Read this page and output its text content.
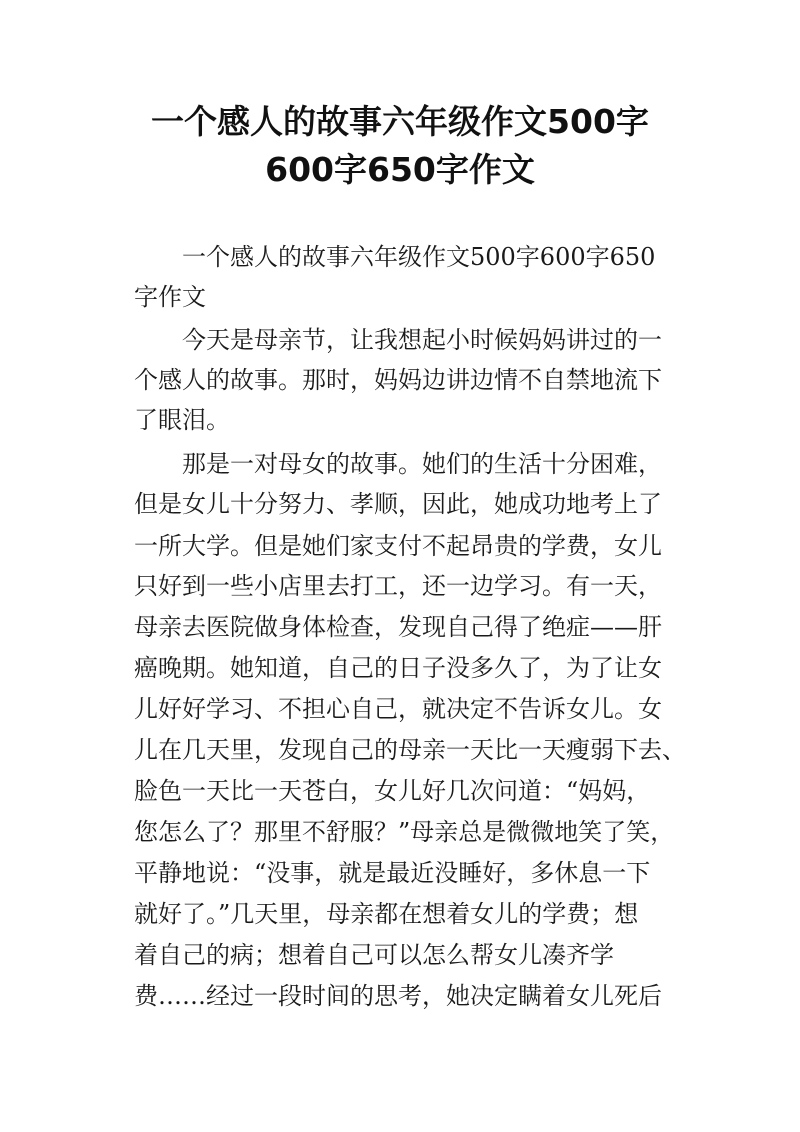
一个感人的故事六年级作文500字
600字650字作文
一个感人的故事六年级作文500字600字650
字作文
今天是母亲节，让我想起小时候妈妈讲过的一
个感人的故事。那时，妈妈边讲边情不自禁地流下
了眼泪。
那是一对母女的故事。她们的生活十分困难，
但是女儿十分努力、孝顺，因此，她成功地考上了
一所大学。但是她们家支付不起昂贵的学费，女儿
只好到一些小店里去打工，还一边学习。有一天，
母亲去医院做身体检查，发现自己得了绝症——肝
癌晚期。她知道，自己的日子没多久了，为了让女
儿好好学习、不担心自己，就决定不告诉女儿。女
儿在几天里，发现自己的母亲一天比一天瘦弱下去、
脸色一天比一天苍白，女儿好几次问道：“妈妈，
您怎么了？那里不舒服？”母亲总是微微地笑了笑，
平静地说：“没事，就是最近没睡好，多休息一下
就好了。”几天里，母亲都在想着女儿的学费；想
着自己的病；想着自己可以怎么帮女儿凑齐学
费……经过一段时间的思考，她决定瞒着女儿死后
